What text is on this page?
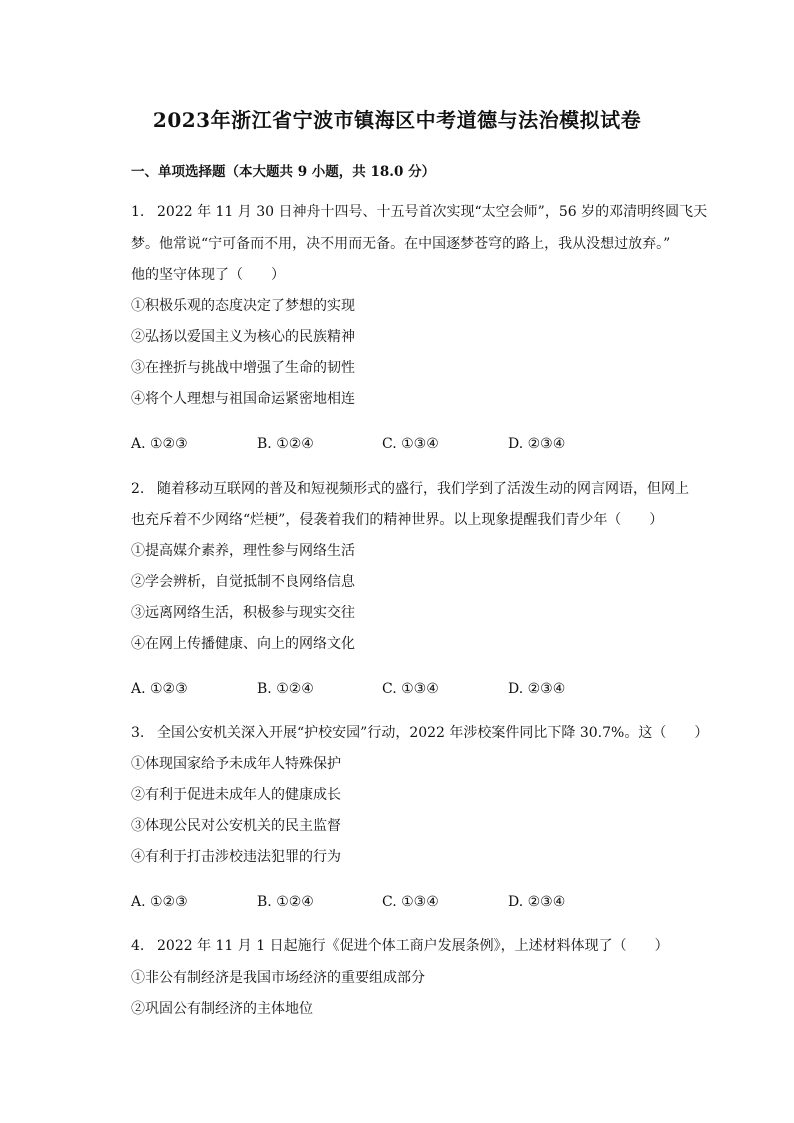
2023年浙江省宁波市镇海区中考道德与法治模拟试卷
一、单项选择题（本大题共 9 小题，共 18.0 分）
1. 2022 年 11 月 30 日神舟十四号、十五号首次实现“太空会师”，56 岁的邓清明终圆飞天
梦。他常说“宁可备而不用，决不用而无备。在中国逐梦苍穹的路上，我从没想过放弃。”
他的坚守体现了（　　）
①积极乐观的态度决定了梦想的实现
②弘扬以爱国主义为核心的民族精神
③在挫折与挑战中增强了生命的韧性
④将个人理想与祖国命运紧密地相连
A. ①②③	B. ①②④	C. ①③④	D. ②③④
2. 随着移动互联网的普及和短视频形式的盛行，我们学到了活泼生动的网言网语，但网上
也充斥着不少网络“烂梗”，侵袭着我们的精神世界。以上现象提醒我们青少年（　　）
①提高媒介素养，理性参与网络生活
②学会辨析，自觉抵制不良网络信息
③远离网络生活，积极参与现实交往
④在网上传播健康、向上的网络文化
A. ①②③	B. ①②④	C. ①③④	D. ②③④
3. 全国公安机关深入开展“护校安园”行动，2022 年涉校案件同比下降 30.7%。这（　　）
①体现国家给予未成年人特殊保护
②有利于促进未成年人的健康成长
③体现公民对公安机关的民主监督
④有利于打击涉校违法犯罪的行为
A. ①②③	B. ①②④	C. ①③④	D. ②③④
4. 2022 年 11 月 1 日起施行《促进个体工商户发展条例》，上述材料体现了（　　）
①非公有制经济是我国市场经济的重要组成部分
②巩固公有制经济的主体地位
